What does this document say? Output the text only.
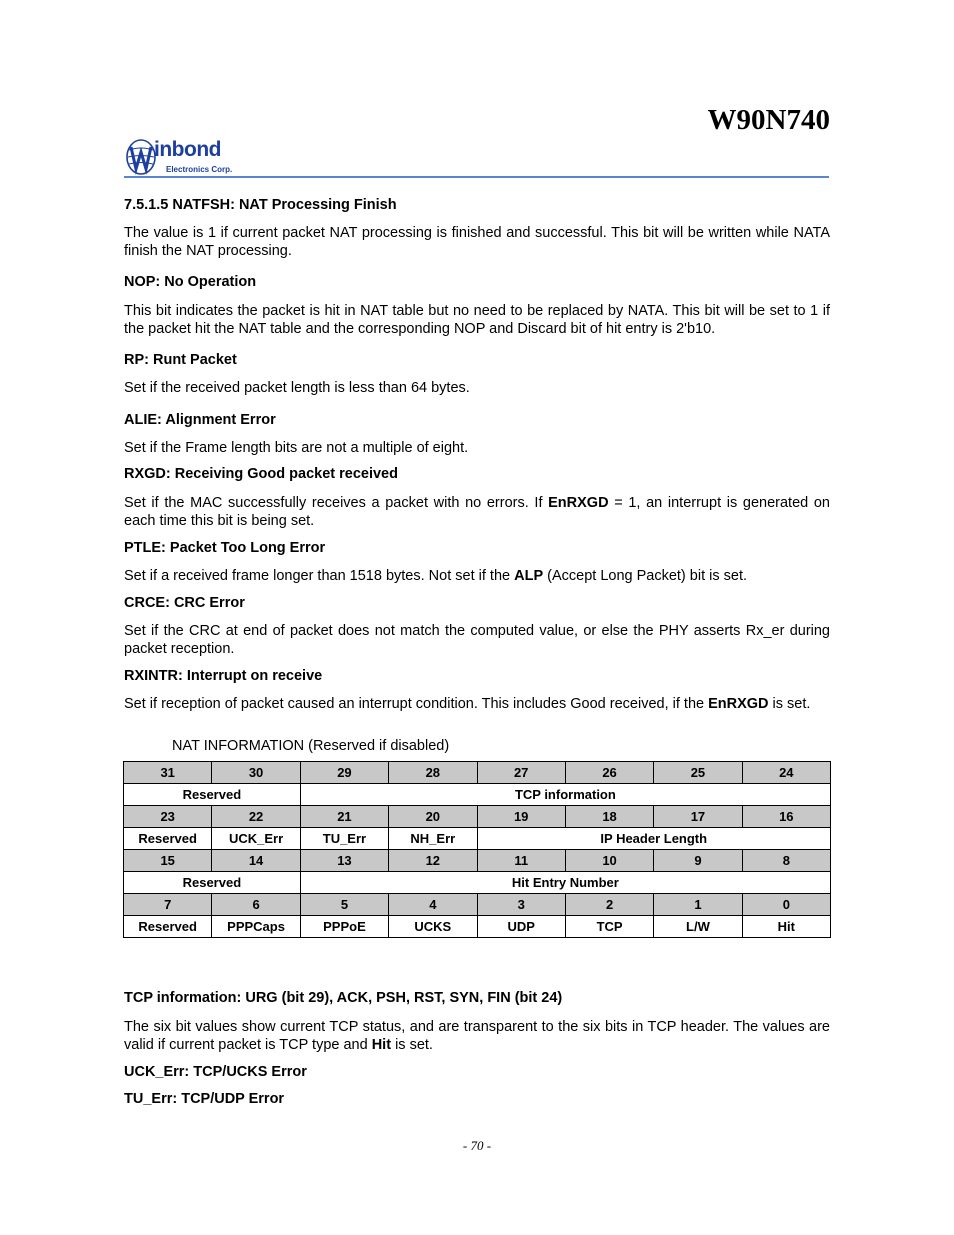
W90N740
inbond
Electronics Corp.
7.5.1.5 NATFSH: NAT Processing Finish
The value is 1 if current packet NAT processing is finished and successful. This bit will be written while NATA finish the NAT processing.
NOP: No Operation
This bit indicates the packet is hit in NAT table but no need to be replaced by NATA. This bit will be set to 1 if the packet hit the NAT table and the corresponding NOP and Discard bit of hit entry is 2'b10.
RP: Runt Packet
Set if the received packet length is less than 64 bytes.
ALIE: Alignment Error
Set if the Frame length bits are not a multiple of eight.
RXGD: Receiving Good packet received
Set if the MAC successfully receives a packet with no errors. If EnRXGD = 1, an interrupt is generated on each time this bit is being set.
PTLE: Packet Too Long Error
Set if a received frame longer than 1518 bytes. Not set if the ALP (Accept Long Packet) bit is set.
CRCE: CRC Error
Set if the CRC at end of packet does not match the computed value, or else the PHY asserts Rx_er during packet reception.
RXINTR: Interrupt on receive
Set if reception of packet caused an interrupt condition. This includes Good received, if the EnRXGD is set.
NAT INFORMATION (Reserved if disabled)
31	30	29	28	27	26	25	24
Reserved		TCP information					
23	22	21	20	19	18	17	16
Reserved	UCK_Err	TU_Err	NH_Err	IP Header Length			
15	14	13	12	11	10	9	8
Reserved		Hit Entry Number					
7	6	5	4	3	2	1	0
Reserved	PPPCaps	PPPoE	UCKS	UDP	TCP	L/W	Hit
TCP information: URG (bit 29), ACK, PSH, RST, SYN, FIN (bit 24)
The six bit values show current TCP status, and are transparent to the six bits in TCP header. The values are valid if current packet is TCP type and Hit is set.
UCK_Err: TCP/UCKS Error
TU_Err: TCP/UDP Error
- 70 -
